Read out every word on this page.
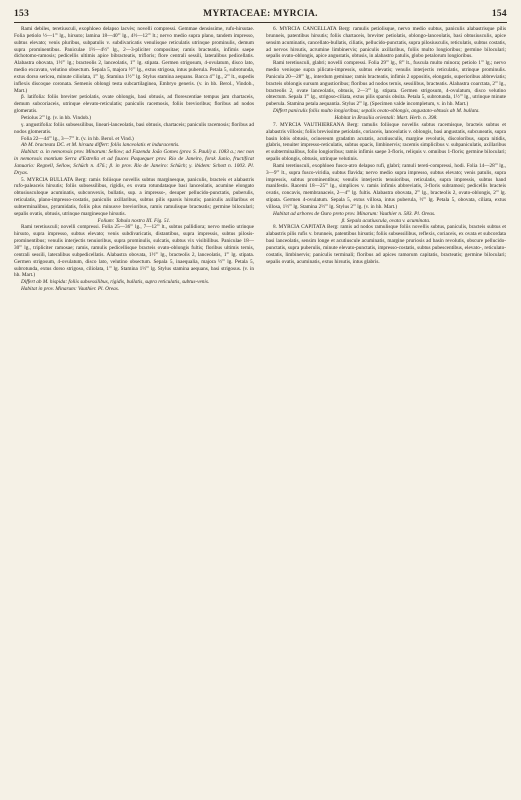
153	MYRTACEAE: MYRCIA.	154

Rami debiles, teretiusculi, exophloeo delapso lacvès; novelli compressi. Gemmae densissime, rufo-hirsutae. Folia petiolo ½—1''' lg., hirsuto; lamina 18—40''' lg., 4½—12''' lt.; nervo medio supra plano, tandem impresso, subtus elevato; venis pluribus, subpatulis v. subdivaricatis venulisque reticulatis utrinque prominulis, demum supra prominentibus. Paniculae 1½—4½'' lg., 2—3-pliciter compositae; ramis bracteatis, infimis saepe dichotomo-ramosis; pedicellis ultimis apice bibracteatis, trifloris; flore centrali sessili, lateralibus pedicellatis. Alabastra obovata, 1½''' lg.; bracteolis 2, lanceolatis, 1''' lg. stipata. Germen strigosum, 4-ovulatum, disco lato, medio excavato, velutino obsectum. Sepala 5, majora ½''' lg., extus strigosa, intus puberula. Petala 5, subrotunda, extus dorso sericea, minute ciliolata, 1''' lg. Stamina 1½''' lg. Stylus stamina aequans. Bacca 4''' lg., 2''' lt., supedis inflexis discoque coronata. Semenis oblongi testa subcartilaginea, Embryo generis. (v. in hb. Berol., Vindob., Mart.)

β. latifolia: foliis breviter petiolatis, ovate oblongis, basi obtusis, ad florescentiae tempus jam chartaceis, demum subcoriaceis, utrinque elevato-reticulatis; paniculis racemosis, foliis brevioribus; floribus ad nodos glomeratis.

Petiolus 2''' lg. (v. in hb. Vindob.)

γ. angustifolia: foliis subsessilibus, lineari-lanceolatis, basi obtusis, chartaceis; paniculis racemosis; floribus ad nodos glomeratis.

Folia 22—44''' lg., 3—7''' lt. (v. in hb. Berol. et Vind.)

Ab M. bracteata DC. et M. hirsuta differt: foliis lanceolatis et induracentis.

Habitat: α. in nemorosis prov. Minarum: Sellow; ad Fazenda João Gomes (prov. S. Pauli) α. 1083 a.; nec non in nemorosis montium Serra d'Estrella et ad fauces Paquequer prov. Rio de Janeiro, forsk Junio, fructificat Januario: Regnell, Sellow, Schüch n. 476.; β. in prov. Rio de Janeiro: Schüch; γ. ibidem: Schott n. 1003. Pl. Dryas.

5. MYRCIA BULLATA Berg: ramis foliisque novellis subtus marginesque, paniculis, bracteis et alabastris rufo-paleaceis hirsutis; foliis subsessilibus, rigidis, ex ovata rotundataque basi lanceolatis, acumine elongato obtusiusculoque acuminatis, subconvexis, bullatis, sup. a impresso-, desuper pellucido-punctatis, puberulis, reticulatis, plano-impresso-costatis, paniculis axillaribus, subtus pilis sparsis hirsutis; paniculis axillaribus et subterminalibus, pyramidatis, foliis plus minusve brevioribus, ramis ramulisque bracteatis; germine biloculari; sepalis ovatis, obtusis, utrinque marginesque hirsutis.

Folium: Tabula nostra III. Fig. 51.

Rami teretiusculi; novelli compressi. Folia 25—36''' lg., 7—12''' lt., subtus pallidiora; nervo medio utrinque hirsuto, supra impresso, subtus elevato; venis subdivaricatis, distantibus, supra impressis, subtus pilosis-prominentibus; venulis interjectis tenuioribus, supra prominulis, sulcatis, subtus vix visibilibus. Paniculae 18—30''' lg., tripliciter ramosae; ramis, ramulis pedicellisque bracteis ovato-oblongis fultis; floribus ultimis ternis, centrali sessili, lateralibus subpedicellatis. Alabastra obovata, 1½''' lg., bracteolis 2, lanceolatis, 1''' lg. stipata. Germen strigosum, 4-ovulatum, disco lato, velutino obsectum. Sepala 5, inaequalia, majora ½''' lg. Petala 5, subrotunda, extus dorso strigoso, ciliolata, 1''' lg. Stamina 1½''' lg. Stylus stamina aequans, basi strigosus. (v. in hb. Mart.)

Differt ab M. hispida: foliis subsessilibus, rigidis, bullatis, supra reticulatis, subtus-venis.

Habitat in prov. Minarum: Vauthier. Pl. Oreas.

6. MYRCIA CANCELLATA Berg: ramulis petiolisque, nervo medio subtus, paniculis alabastrisque pilis brunneis, patentibus hirsutis; foliis chartaceis, breviter petiolatis, oblongo-lanceolatis, basi obtusiusculis, apice sensim acuminatis, cancellato-bullatis, ciliatis, pellucido-punctatis, supra pilosiusculis, reticulatis, subtus costatis, ad nervos hirsutis, acrumine limbinervis; paniculis axillaribus, foliis multo longioribus; germine biloculari; sepalis ovato-oblongis, apice angustatis, obtusis, in alabastro patulis, globo petalorum longioribus.

Rami teretiusculi, glabri; novelli compressi. Folia 29''' lg., 8''' lt., fuscula multo minora; petiolo 1''' lg.; nervo medio venisque supra pilicato-impressis, subtus elevatis; venulis interjectis reticulatis, utrinque prominulis. Panicula 20—28''' lg., interdum geminae; ramis bracteatis, infimis 2 oppositis, elongatis, superioribus abbreviatis; bracteis oblongis sursum angustioribus; floribus ad nodos ternis, sessilibus, bracteatis. Alabastra coarctata, 2''' lg., bracteolis 2, ovate lanceolatis, obtusis, 2—3''' lg. stipata. Germen strigosum, 4-ovulatum, disco velutino obtectum. Sepala 1''' lg., strigoso-ciliata, extus pilis sparsis obsita. Petala 5, subrotunda, 1½''' lg., utrinque minute puberula. Stamina petala aequantia. Stylus 2''' lg. (Specimen valde incompletum, v. in hb. Mart.)

Differt paniculis foliis multo longioribus; sepalis ovato-oblongis, angustato-obtusis ab M. bullata.

Habitat in Brasilia orientali: Mart. Herb. n. 398.

7. MYRCIA VAUTHIEREANA Berg: ramulis foliisque novellis subtus racemisque, bracteis subtus et alabastris villosis; foliis brevissime petiolatis, coriaceis, lanceolatis v. oblongis, basi angustatis, subcuneatis, supra basin lobis obtusis, ocinereum gradatim acutatis, acutiusculis, margine revolutis, discoloribus, supra nitidis, glabris, tenuiter impresso-reticulatis, subtus opacis, limbinervis; racemis simplicibus v. subpaniculatis, axillaribus et subterminalibus, folio longioribus; ramis infimis saepe 3-floris, reliquis v. omnibus 1-floris; germine biloculari; sepalis oblongis, obtusis, utrinque velutinis.

Rami teretiusculi, exophloeo fusco-atro delapso rufi, glabri; ramuli tereti-compressi, hodi. Folia 14—28''' lg., 3—9''' lt., supra fusco-viridia, subtus flavida; nervo medio supra impresso, subtus elevato; venis patulis, supra impressis, subtus prominentibus; venulis interjectis tenuioribus, reticulatis, supra impressis, subtus hand manifestis. Racemi 18—25''' lg., simplices v. ramis infimis abbreviatis, 3-floris subramosi; pedicellis bracteis ovatis, concavis, membranaceis, 2—4''' lg. fultis. Alabastra obovata, 2''' lg., bracteolis 2, ovato-oblongis, 2''' lg. stipata. Germen 4-ovulatum. Sepala 5, extus villosa, intus puberula, ½''' lg. Petala 5, obovata, ciliata, extus villosa, 1½''' lg. Stamina 2½''' lg. Stylus 2''' lg. (v. in hb. Mart.)

Habitat ad arbores de Ouro preto prov. Minarum: Vauthier n. 583. Pl. Oreas.

β. Sepala acutiuscula, ovata v. acuminata.

8. MYRCIA CAPITATA Berg: ramis ad nodos ramulisque foliis novellis subtus, paniculis, bracteis subtus et alabastris pilis rufis v. brunneis, patentibus hirsutis; foliis subsessilibus, reflexis, coriaceis, ex ovata et subcordata basi lanceolatis, sensim longe et acutiuscule acuminatis, margine pruriosis ad basin revolutis, obscure pellucido-punctatis, supra puberulis, minute elevato-punctatis, impresso-costatis, subtus pubescentibus, elevato-, reticulato-costatis, limbinervis; paniculis terminali; floribus ad apices ramorum capitatis, bracteatis; germine biloculari; sepalis ovatis, acuminatis, extus hirsutis, intus glabris.
